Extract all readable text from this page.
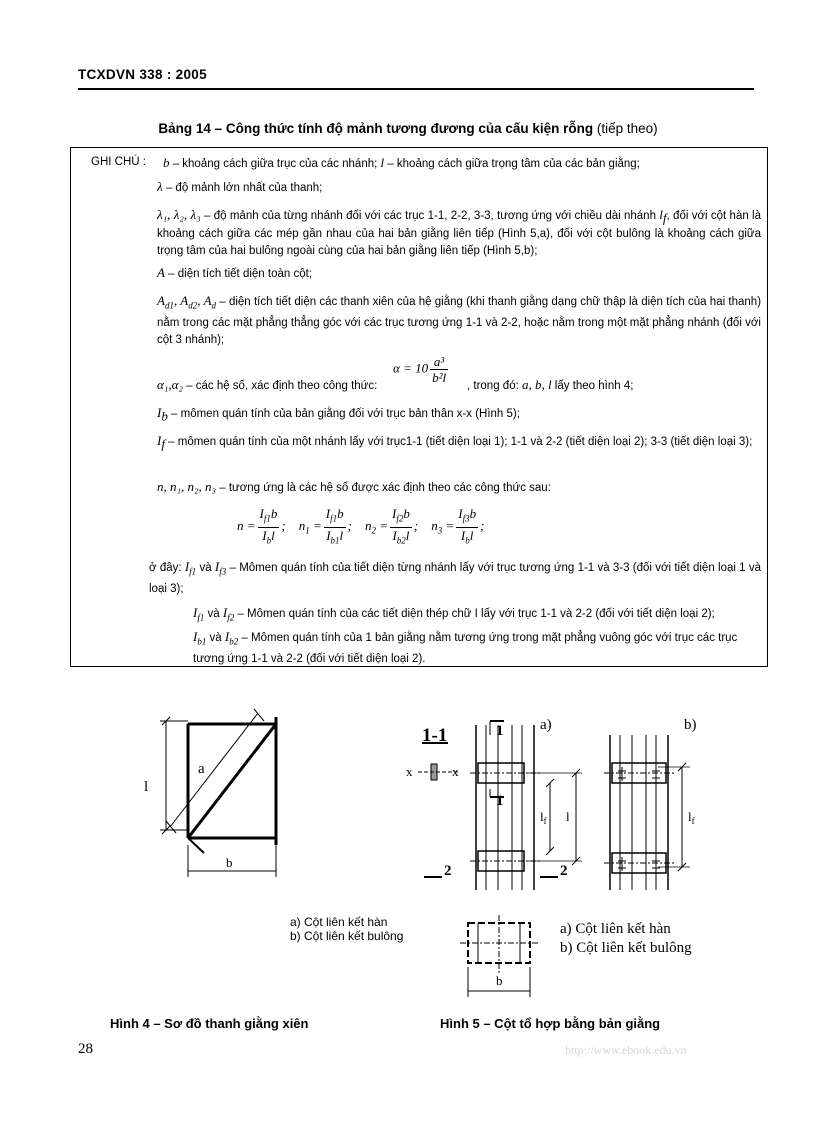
TCXDVN 338 : 2005
Bảng 14 – Công thức tính độ mảnh tương đương của cấu kiện rỗng (tiếp theo)

GHI CHÚ : b – khoảng cách giữa trục của các nhánh; l – khoảng cách giữa trọng tâm của các bản giằng;

λ – độ mảnh lớn nhất của thanh;

λ₁, λ₂, λ₃ – độ mảnh của từng nhánh đối với các trục 1-1, 2-2, 3-3, tương ứng với chiều dài nhánh $l_f$, đối với cột hàn là khoảng cách giữa các mép gần nhau của hai bản giằng liên tiếp (Hình 5,a), đối với cột bulông là khoảng cách giữa trọng tâm của hai bulông ngoài cùng của hai bản giằng liên tiếp (Hình 5,b);

A – diện tích tiết diện toàn cột;

$A_{d1}$, $A_{d2}$, $A_d$ – diện tích tiết diện các thanh xiên của hệ giằng (khi thanh giằng dạng chữ thập là diện tích của hai thanh) nằm trong các mặt phẳng thẳng góc với các trục tương ứng 1-1 và 2-2, hoặc nằm trong một mặt phẳng nhánh (đối với cột 3 nhánh);

$\alpha = 10 \frac{\text{a³}}{\text{b²l}}$

α₁,α₂ – các hệ số, xác định theo công thức:	, trong đó: a, b, l lấy theo hình 4;

$I_b$ – mômen quán tính của bản giằng đối với trục bản thân x-x (Hình 5);

$I_f$ – mômen quán tính của một nhánh lấy với trục1-1 (tiết diện loại 1); 1-1 và 2-2 (tiết diện loại 2); 3-3 (tiết diện loại 3);

n, n₁, n₂, n₃ – tương ứng là các hệ số được xác định theo các công thức sau:

$n = \frac{I_{f1}b}{I_bl}$ ;    $n_1 = \frac{I_{f1}b}{I_{b1}l}$ ;    $n_2 = \frac{I_{f2}b}{I_{b2}l}$ ;    $n_3 = \frac{I_{f3}b}{I_bl}$ ;

ở đây: $I_{f1}$ và $I_{f3}$ – Mômen quán tính của tiết diện từng nhánh lấy với trục tương ứng 1-1 và 3-3 (đối với tiết diện loại 1 và loại 3);

$I_{f1}$ và $I_{f2}$ – Mômen quán tính của các tiết diện thép chữ I lấy với trục 1-1 và 2-2 (đối với tiết diện loại 2);

$I_{b1}$ và $I_{b2}$ – Mômen quán tính của 1 bản giằng nằm tương ứng trong mặt phẳng vuông góc với trục các trục tương ứng 1-1 và 2-2 (đối với tiết diện loại 2).

a
l
b
1-1
x	x
1
1
2	2
a)	b)
$l_f$ l	$l_f$
b
a) Cột liên kết hàn
b) Cột liên kết bulông	a) Cột liên kết hàn
b) Cột liên kết bulông
Hình 4 – Sơ đồ thanh giằng xiên	Hình 5 – Cột tổ hợp bằng bản giằng
28	http://www.ebook.edu.vn
